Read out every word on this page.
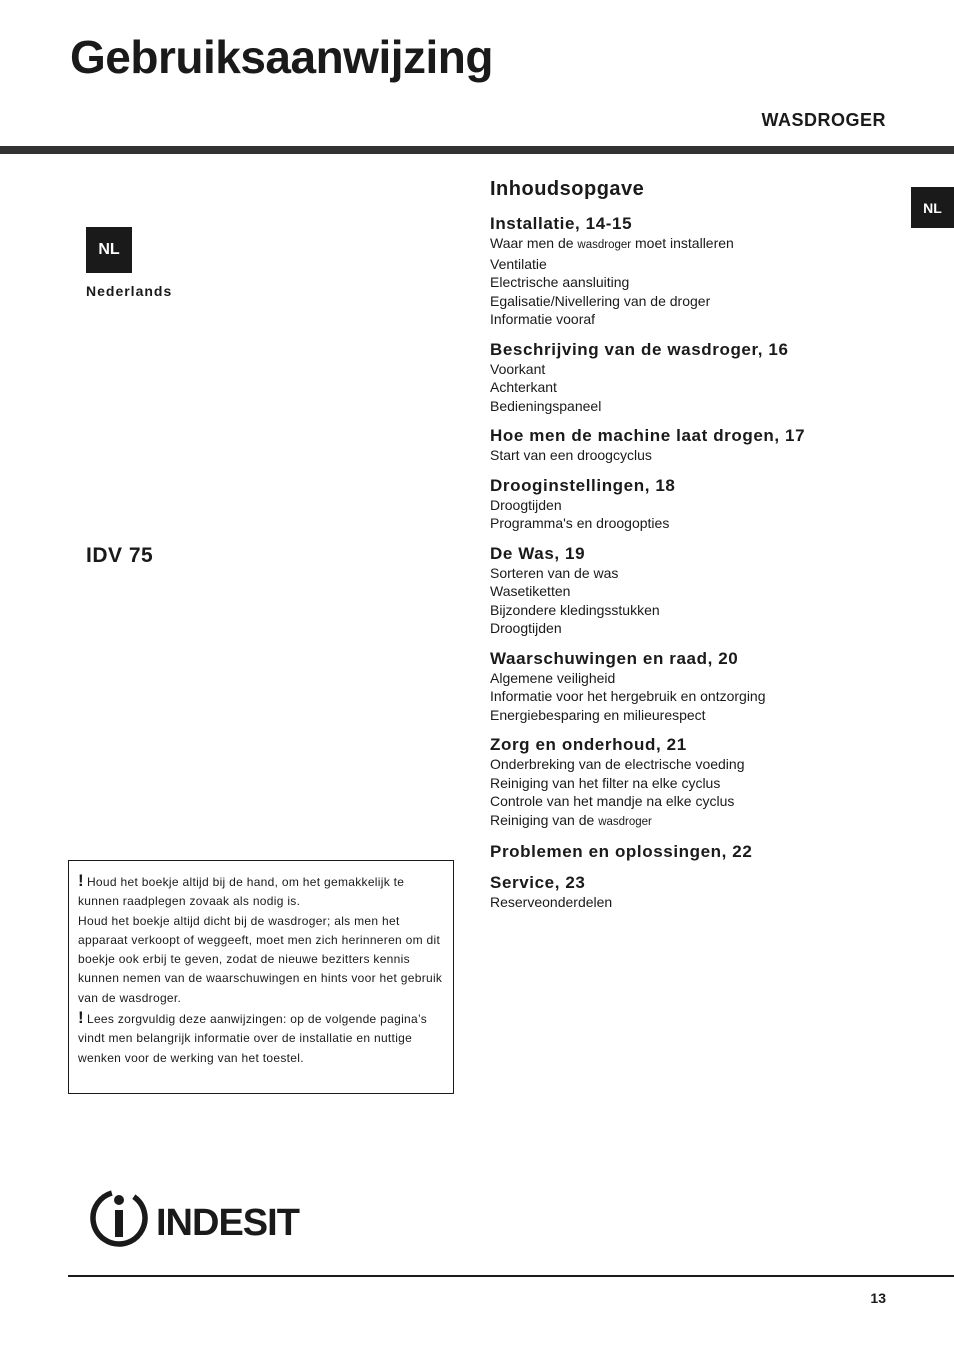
Gebruiksaanwijzing
WASDROGER
NL
NL
Nederlands
IDV 75
Inhoudsopgave
Installatie, 14-15
Waar men de wasdroger moet installeren
Ventilatie
Electrische aansluiting
Egalisatie/Nivellering van de droger
Informatie vooraf
Beschrijving van de wasdroger, 16
Voorkant
Achterkant
Bedieningspaneel
Hoe men de machine laat drogen, 17
Start van een droogcyclus
Drooginstellingen, 18
Droogtijden
Programma's en droogopties
De Was, 19
Sorteren van de was
Wasetiketten
Bijzondere kledingsstukken
Droogtijden
Waarschuwingen en raad, 20
Algemene veiligheid
Informatie voor het hergebruik en ontzorging
Energiebesparing en milieurespect
Zorg en onderhoud, 21
Onderbreking van de electrische voeding
Reiniging van het filter na elke cyclus
Controle van het mandje na elke cyclus
Reiniging van de wasdroger
Problemen en oplossingen, 22
Service, 23
Reserveonderdelen

! Houd het boekje altijd bij de hand, om het gemakkelijk te kunnen raadplegen zovaak als nodig is.

Houd het boekje altijd dicht bij de wasdroger; als men het apparaat verkoopt of weggeeft, moet men zich herinneren om dit boekje ook erbij te geven, zodat de nieuwe bezitters kennis kunnen nemen van de waarschuwingen en hints voor het gebruik van de wasdroger.

! Lees zorgvuldig deze aanwijzingen: op de volgende pagina’s vindt men belangrijk informatie over de installatie en nuttige wenken voor de werking van het toestel.

INDESIT
13
